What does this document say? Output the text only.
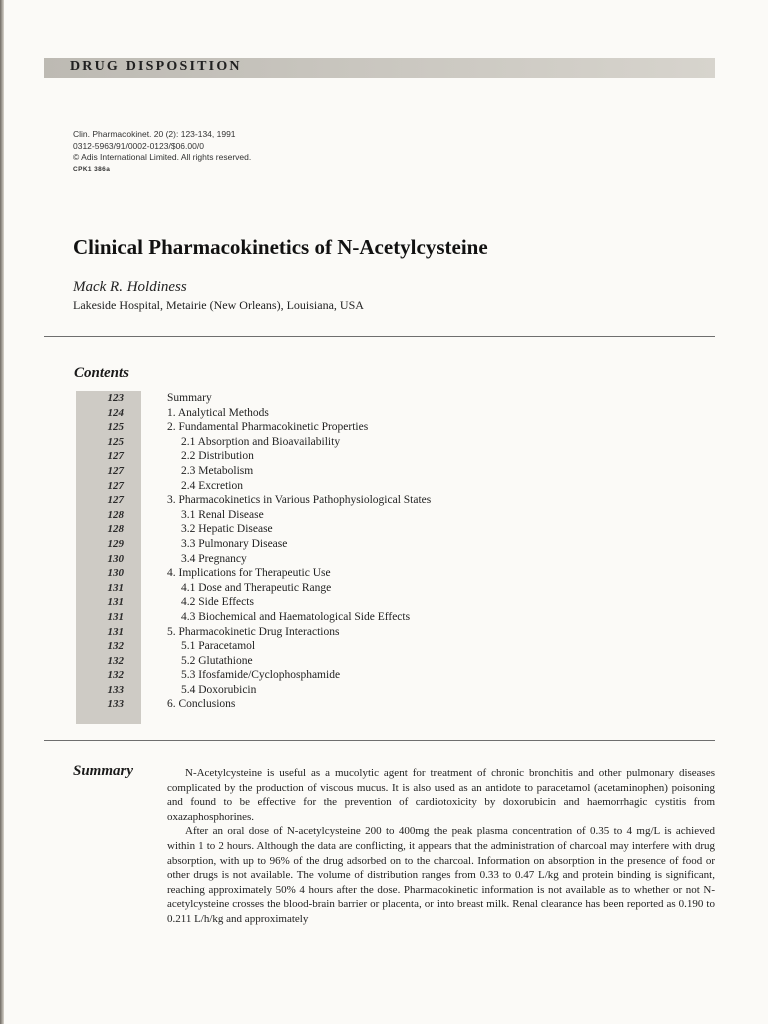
DRUG DISPOSITION
Clin. Pharmacokinet. 20 (2): 123-134, 1991
0312-5963/91/0002-0123/$06.00/0
© Adis International Limited. All rights reserved.
CPK1 386a
Clinical Pharmacokinetics of N-Acetylcysteine
Mack R. Holdiness
Lakeside Hospital, Metairie (New Orleans), Louisiana, USA
Contents
123
124
125
125
127
127
127
127
128
128
129
130
130
131
131
131
131
132
132
132
133
133
Summary
1. Analytical Methods
2. Fundamental Pharmacokinetic Properties
2.1 Absorption and Bioavailability
2.2 Distribution
2.3 Metabolism
2.4 Excretion
3. Pharmacokinetics in Various Pathophysiological States
3.1 Renal Disease
3.2 Hepatic Disease
3.3 Pulmonary Disease
3.4 Pregnancy
4. Implications for Therapeutic Use
4.1 Dose and Therapeutic Range
4.2 Side Effects
4.3 Biochemical and Haematological Side Effects
5. Pharmacokinetic Drug Interactions
5.1 Paracetamol
5.2 Glutathione
5.3 Ifosfamide/Cyclophosphamide
5.4 Doxorubicin
6. Conclusions
Summary	N-Acetylcysteine is useful as a mucolytic agent for treatment of chronic bronchitis and other pulmonary diseases complicated by the production of viscous mucus. It is also used as an antidote to paracetamol (acetaminophen) poisoning and found to be effective for the prevention of cardiotoxicity by doxorubicin and haemorrhagic cystitis from oxazaphosphorines.

After an oral dose of N-acetylcysteine 200 to 400mg the peak plasma concentration of 0.35 to 4 mg/L is achieved within 1 to 2 hours. Although the data are conflicting, it appears that the administration of charcoal may interfere with drug absorption, with up to 96% of the drug adsorbed on to the charcoal. Information on absorption in the presence of food or other drugs is not available. The volume of distribution ranges from 0.33 to 0.47 L/kg and protein binding is significant, reaching approximately 50% 4 hours after the dose. Pharmacokinetic information is not available as to whether or not N-acetylcysteine crosses the blood-brain barrier or placenta, or into breast milk. Renal clearance has been reported as 0.190 to 0.211 L/h/kg and approximately
